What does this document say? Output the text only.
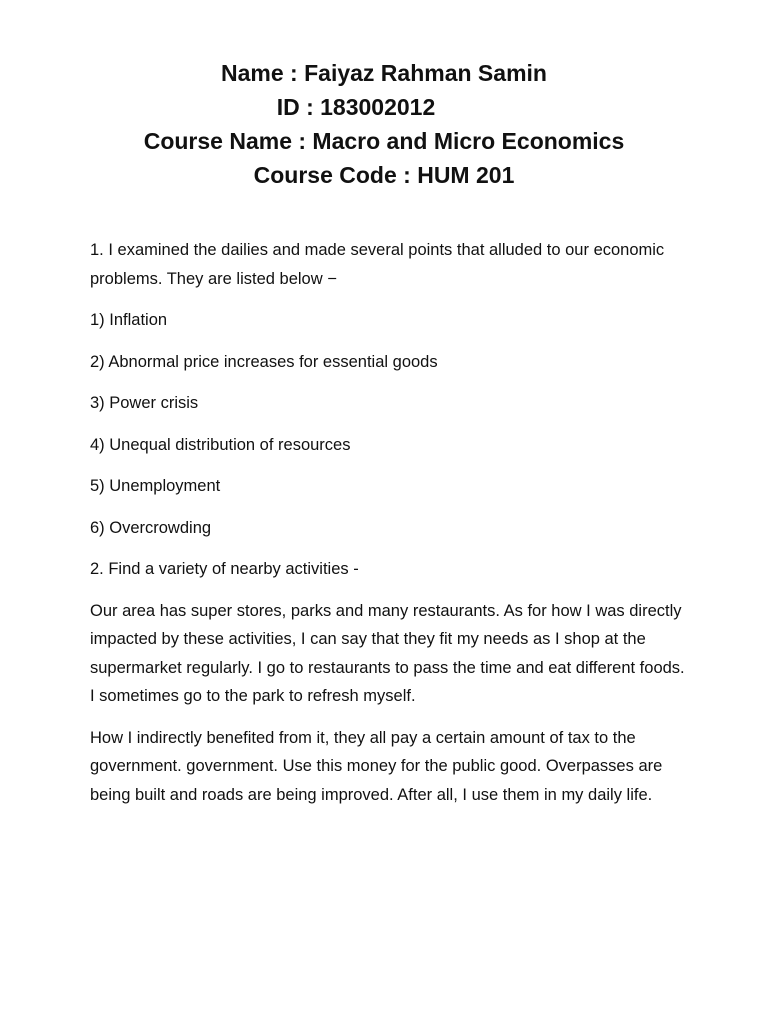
Name : Faiyaz Rahman Samin
ID : 183002012
Course Name : Macro and Micro Economics
Course Code : HUM 201

1. I examined the dailies and made several points that alluded to our economic problems. They are listed below −

1) Inflation

2) Abnormal price increases for essential goods

3) Power crisis

4) Unequal distribution of resources

5) Unemployment

6) Overcrowding

2. Find a variety of nearby activities -

Our area has super stores, parks and many restaurants. As for how I was directly impacted by these activities, I can say that they fit my needs as I shop at the supermarket regularly. I go to restaurants to pass the time and eat different foods. I sometimes go to the park to refresh myself.

How I indirectly benefited from it, they all pay a certain amount of tax to the government. government. Use this money for the public good. Overpasses are being built and roads are being improved. After all, I use them in my daily life.
